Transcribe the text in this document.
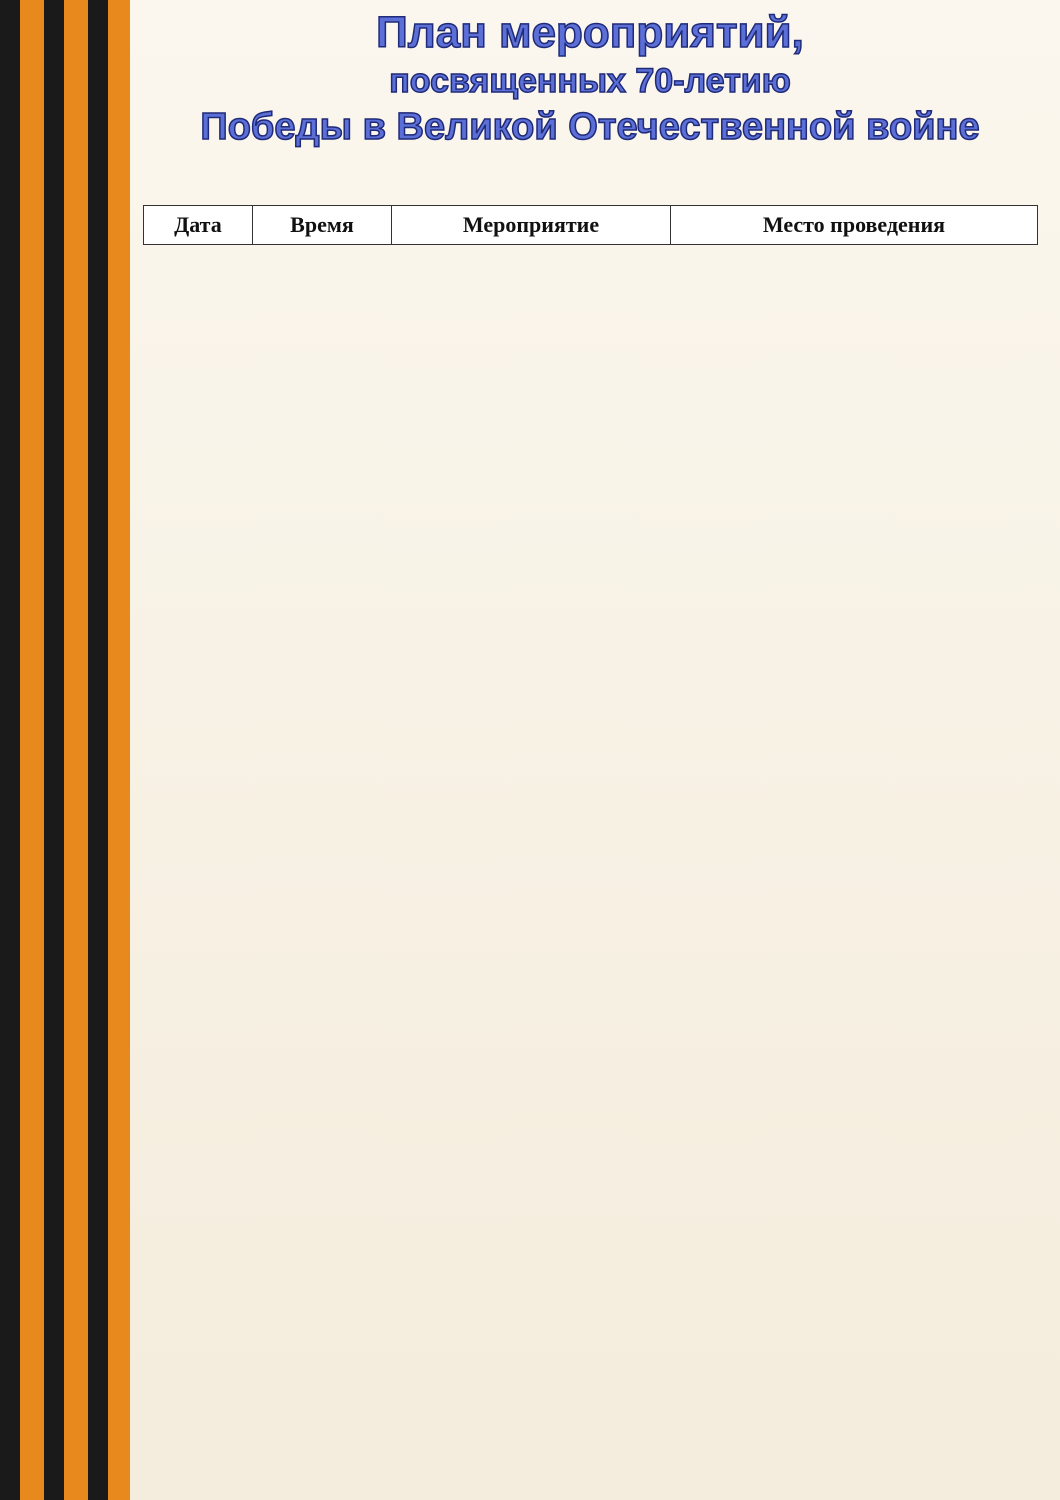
План мероприятий,
посвященных 70-летию
Победы в Великой Отечественной войне
Дата	Время	Мероприятие	Место проведения
